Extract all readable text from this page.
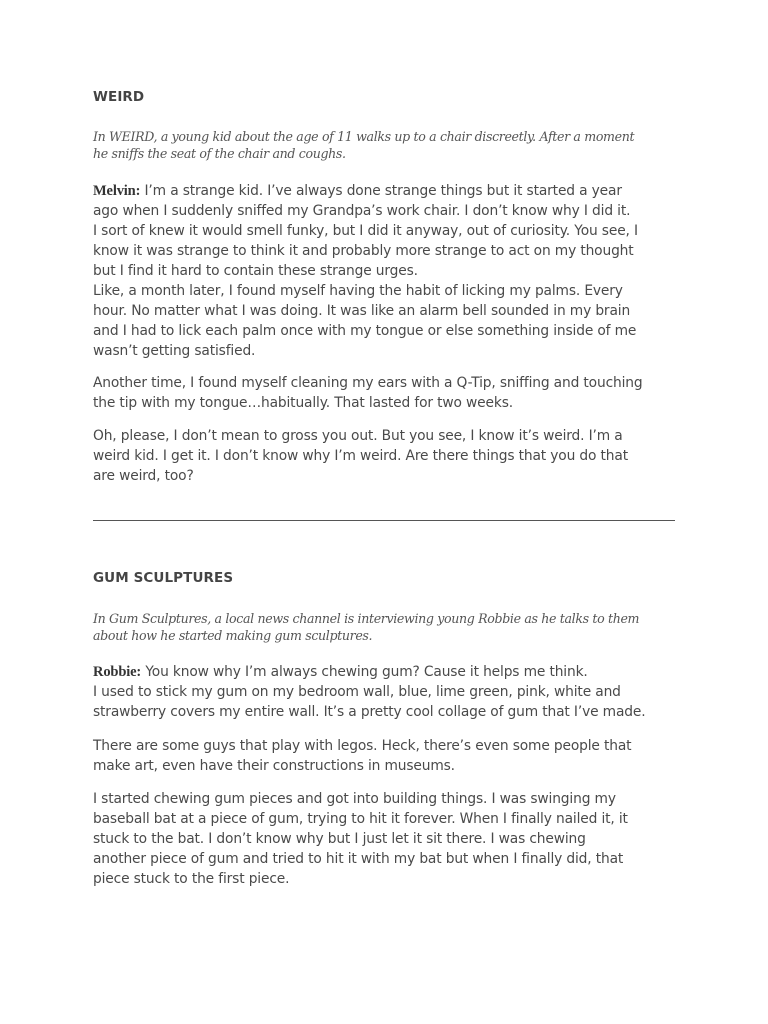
WEIRD
In WEIRD, a young kid about the age of 11 walks up to a chair discreetly. After a moment
he sniffs the seat of the chair and coughs.
Melvin: I’m a strange kid. I’ve always done strange things but it started a year
ago when I suddenly sniffed my Grandpa’s work chair. I don’t know why I did it.
I sort of knew it would smell funky, but I did it anyway, out of curiosity. You see, I
know it was strange to think it and probably more strange to act on my thought
but I find it hard to contain these strange urges.
Like, a month later, I found myself having the habit of licking my palms. Every
hour. No matter what I was doing. It was like an alarm bell sounded in my brain
and I had to lick each palm once with my tongue or else something inside of me
wasn’t getting satisfied.
Another time, I found myself cleaning my ears with a Q-Tip, sniffing and touching
the tip with my tongue…habitually. That lasted for two weeks.
Oh, please, I don’t mean to gross you out. But you see, I know it’s weird. I’m a
weird kid. I get it. I don’t know why I’m weird. Are there things that you do that
are weird, too?
GUM SCULPTURES
In Gum Sculptures, a local news channel is interviewing young Robbie as he talks to them
about how he started making gum sculptures.
Robbie: You know why I’m always chewing gum? Cause it helps me think.
I used to stick my gum on my bedroom wall, blue, lime green, pink, white and
strawberry covers my entire wall. It’s a pretty cool collage of gum that I’ve made.
There are some guys that play with legos. Heck, there’s even some people that
make art, even have their constructions in museums.
I started chewing gum pieces and got into building things. I was swinging my
baseball bat at a piece of gum, trying to hit it forever. When I finally nailed it, it
stuck to the bat. I don’t know why but I just let it sit there. I was chewing
another piece of gum and tried to hit it with my bat but when I finally did, that
piece stuck to the first piece.
